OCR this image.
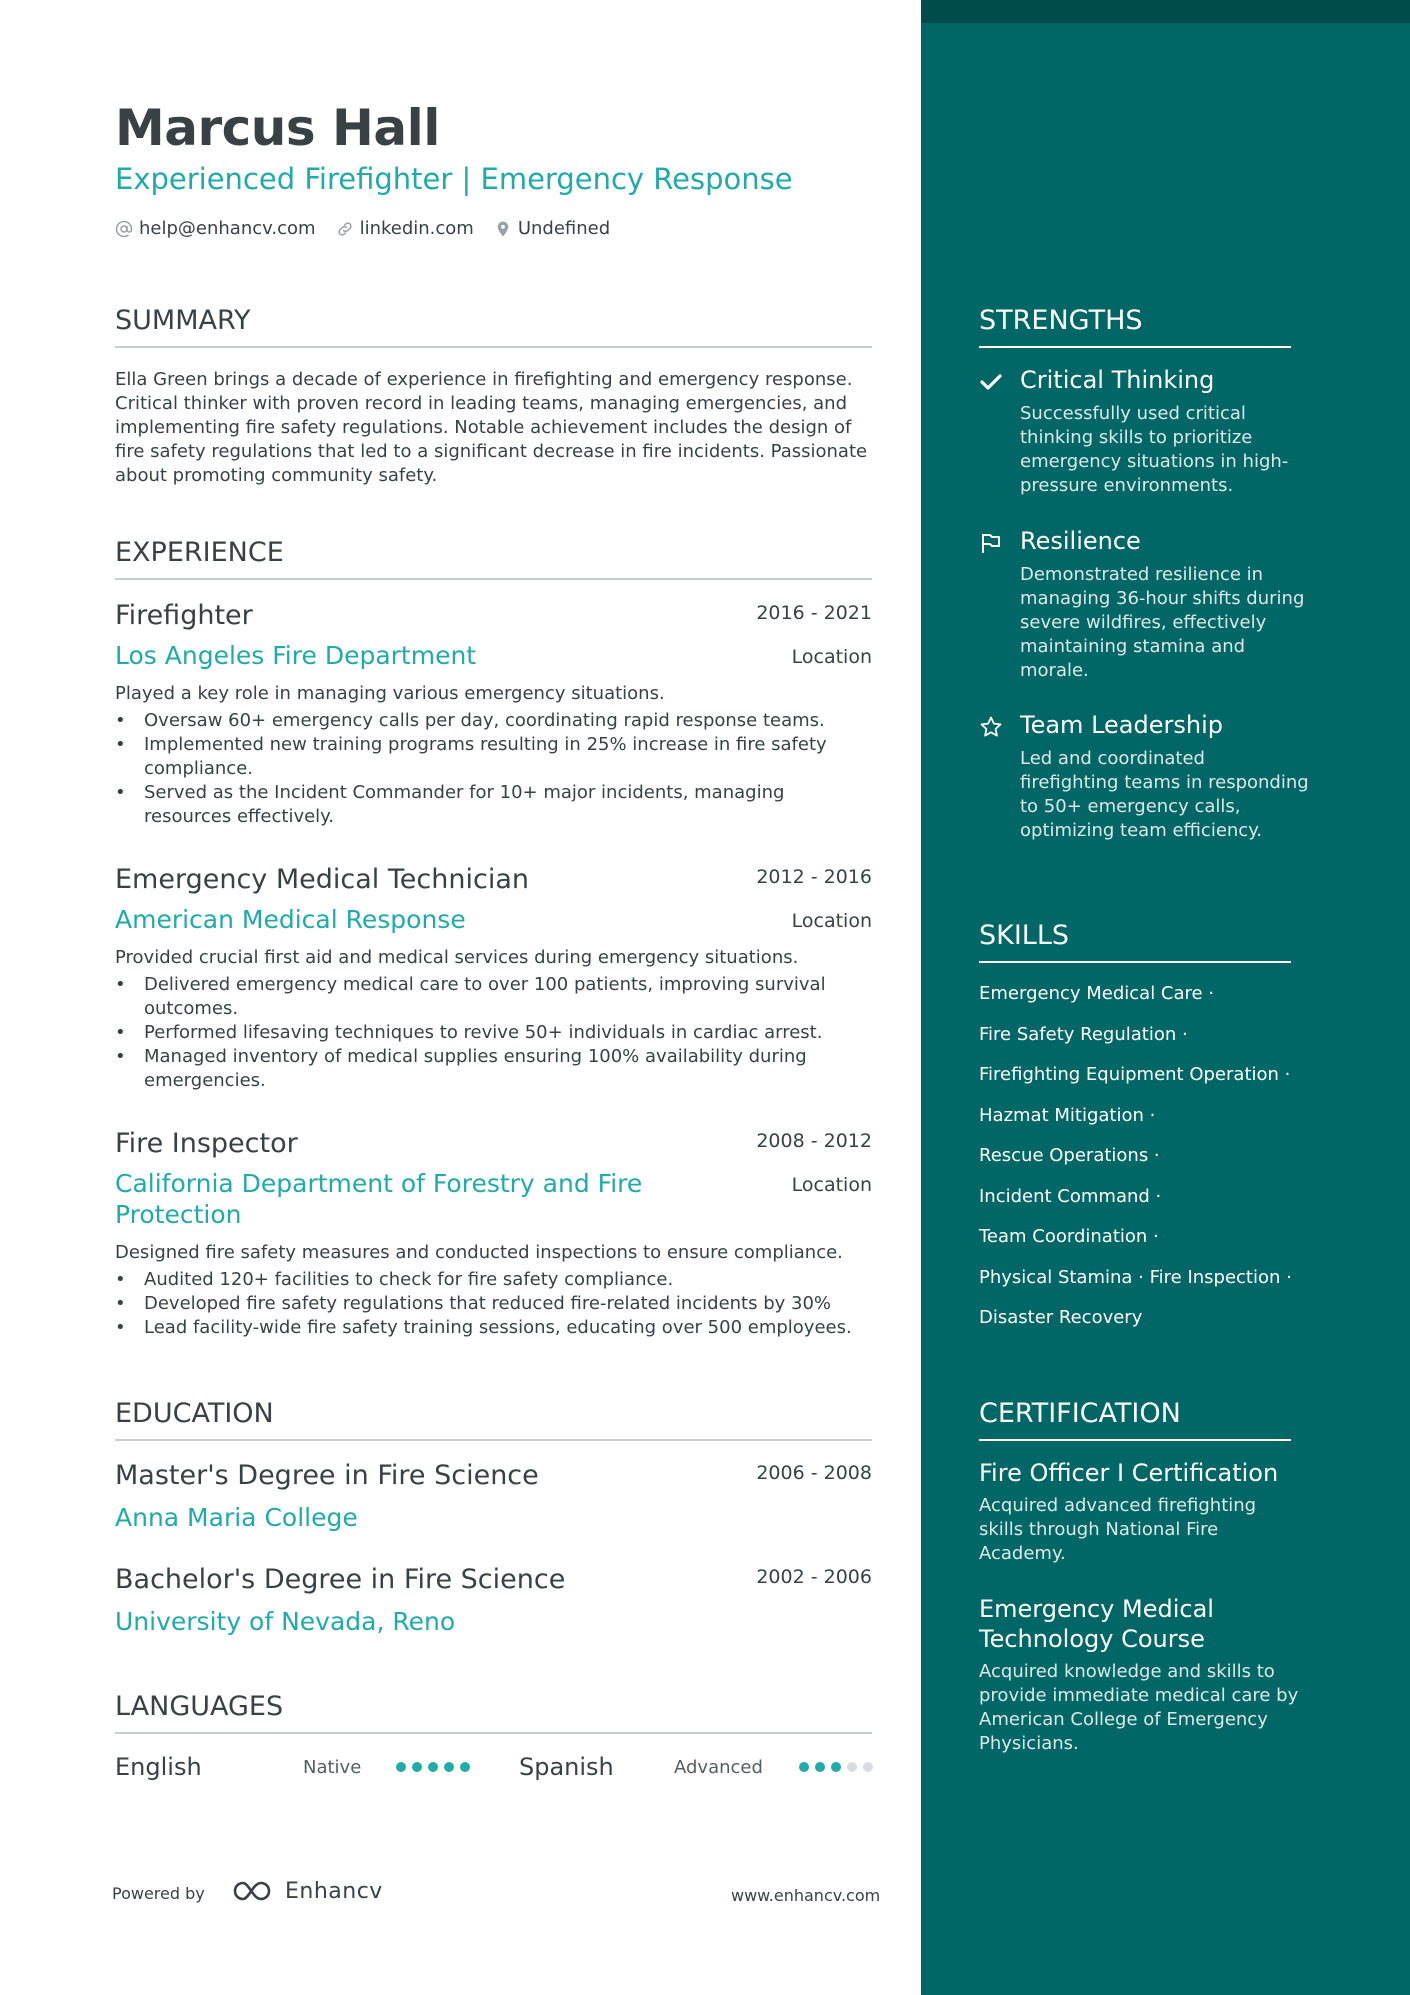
Marcus Hall
Experienced Firefighter | Emergency Response
help@enhancv.com linkedin.com Undefined
SUMMARY
Ella Green brings a decade of experience in firefighting and emergency response. Critical thinker with proven record in leading teams, managing emergencies, and implementing fire safety regulations. Notable achievement includes the design of fire safety regulations that led to a significant decrease in fire incidents. Passionate about promoting community safety.
EXPERIENCE
Firefighter	2016 - 2021
Los Angeles Fire Department	Location
Played a key role in managing various emergency situations.
• Oversaw 60+ emergency calls per day, coordinating rapid response teams.
• Implemented new training programs resulting in 25% increase in fire safety compliance.
• Served as the Incident Commander for 10+ major incidents, managing resources effectively.
Emergency Medical Technician	2012 - 2016
American Medical Response	Location
Provided crucial first aid and medical services during emergency situations.
• Delivered emergency medical care to over 100 patients, improving survival outcomes.
• Performed lifesaving techniques to revive 50+ individuals in cardiac arrest.
• Managed inventory of medical supplies ensuring 100% availability during emergencies.
Fire Inspector	2008 - 2012
California Department of Forestry and Fire Protection
Location
Designed fire safety measures and conducted inspections to ensure compliance.
• Audited 120+ facilities to check for fire safety compliance.
• Developed fire safety regulations that reduced fire-related incidents by 30%
• Lead facility-wide fire safety training sessions, educating over 500 employees.
EDUCATION
Master's Degree in Fire Science	2006 - 2008
Anna Maria College
Bachelor's Degree in Fire Science	2002 - 2006
University of Nevada, Reno
LANGUAGES
English	Native	Spanish	Advanced
Powered by	Enhancv	www.enhancv.com
STRENGTHS
Critical Thinking
Successfully used critical thinking skills to prioritize emergency situations in high-pressure environments.
Resilience
Demonstrated resilience in managing 36-hour shifts during severe wildfires, effectively maintaining stamina and morale.
Team Leadership
Led and coordinated firefighting teams in responding to 50+ emergency calls, optimizing team efficiency.
SKILLS
Emergency Medical Care ·
Fire Safety Regulation ·
Firefighting Equipment Operation ·
Hazmat Mitigation ·
Rescue Operations ·
Incident Command ·
Team Coordination ·
Physical Stamina · Fire Inspection ·
Disaster Recovery
CERTIFICATION
Fire Officer I Certification
Acquired advanced firefighting skills through National Fire Academy.
Emergency Medical Technology Course
Acquired knowledge and skills to provide immediate medical care by American College of Emergency Physicians.
